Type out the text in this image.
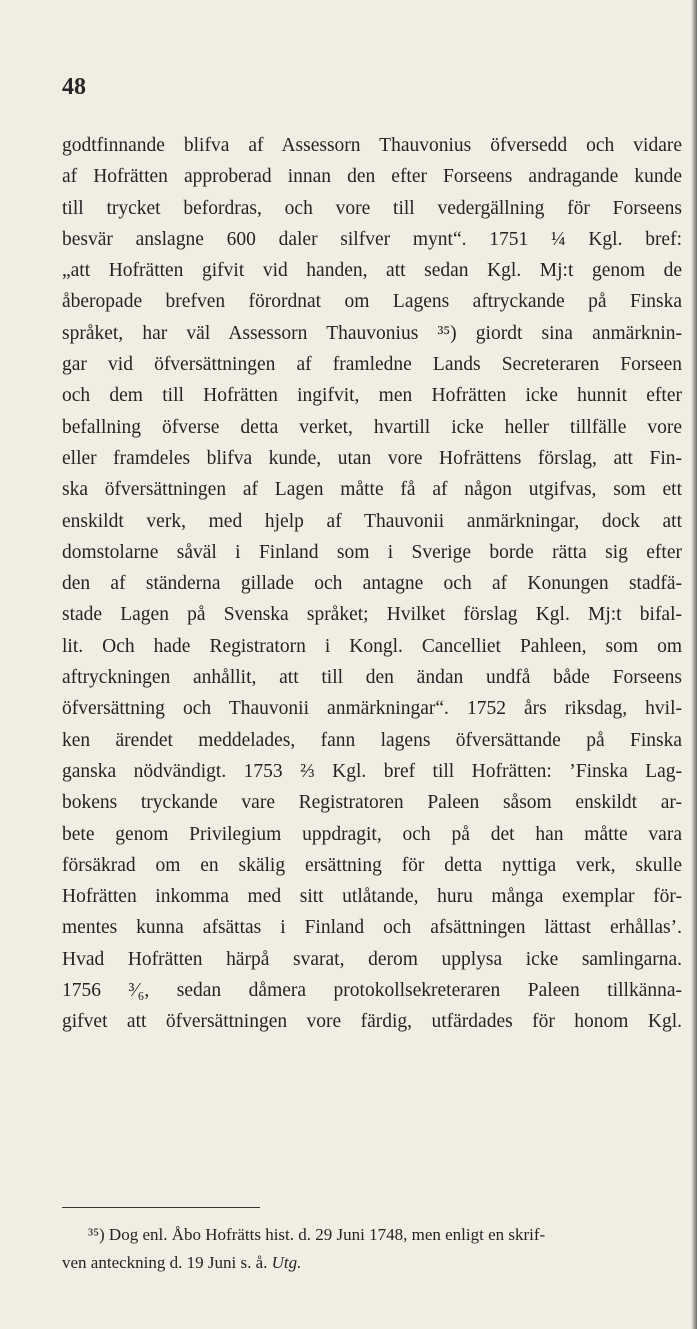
48

godtfinnande blifva af Assessorn Thauvonius öfversedd och vidare
af Hofrätten approberad innan den efter Forseens andragande kunde
till trycket befordras, och vore till vedergällning för Forseens
besvär anslagne 600 daler silfver mynt“. 1751 ¼ Kgl. bref:
„att Hofrätten gifvit vid handen, att sedan Kgl. Mj:t genom de
åberopade brefven förordnat om Lagens aftryckande på Finska
språket, har väl Assessorn Thauvonius ³⁵) giordt sina anmärknin-
gar vid öfversättningen af framledne Lands Secreteraren Forseen
och dem till Hofrätten ingifvit, men Hofrätten icke hunnit efter
befallning öfverse detta verket, hvartill icke heller tillfälle vore
eller framdeles blifva kunde, utan vore Hofrättens förslag, att Fin-
ska öfversättningen af Lagen måtte få af någon utgifvas, som ett
enskildt verk, med hjelp af Thauvonii anmärkningar, dock att
domstolarne såväl i Finland som i Sverige borde rätta sig efter
den af ständerna gillade och antagne och af Konungen stadfä-
stade Lagen på Svenska språket; Hvilket förslag Kgl. Mj:t bifal-
lit. Och hade Registratorn i Kongl. Cancelliet Pahleen, som om
aftryckningen anhållit, att till den ändan undfå både Forseens
öfversättning och Thauvonii anmärkningar“. 1752 års riksdag, hvil-
ken ärendet meddelades, fann lagens öfversättande på Finska
ganska nödvändigt. 1753 ⅔ Kgl. bref till Hofrätten: ’Finska Lag-
bokens tryckande vare Registratoren Paleen såsom enskildt ar-
bete genom Privilegium uppdragit, och på det han måtte vara
försäkrad om en skälig ersättning för detta nyttiga verk, skulle
Hofrätten inkomma med sitt utlåtande, huru många exemplar för-
mentes kunna afsättas i Finland och afsättningen lättast erhållas’.
Hvad Hofrätten härpå svarat, derom upplysa icke samlingarna.
1756 ³⁄₆, sedan dåmera protokollsekreteraren Paleen tillkänna-
gifvet att öfversättningen vore färdig, utfärdades för honom Kgl.
³⁵) Dog enl. Åbo Hofrätts hist. d. 29 Juni 1748, men enligt en skrif-
ven anteckning d. 19 Juni s. å. Utg.
